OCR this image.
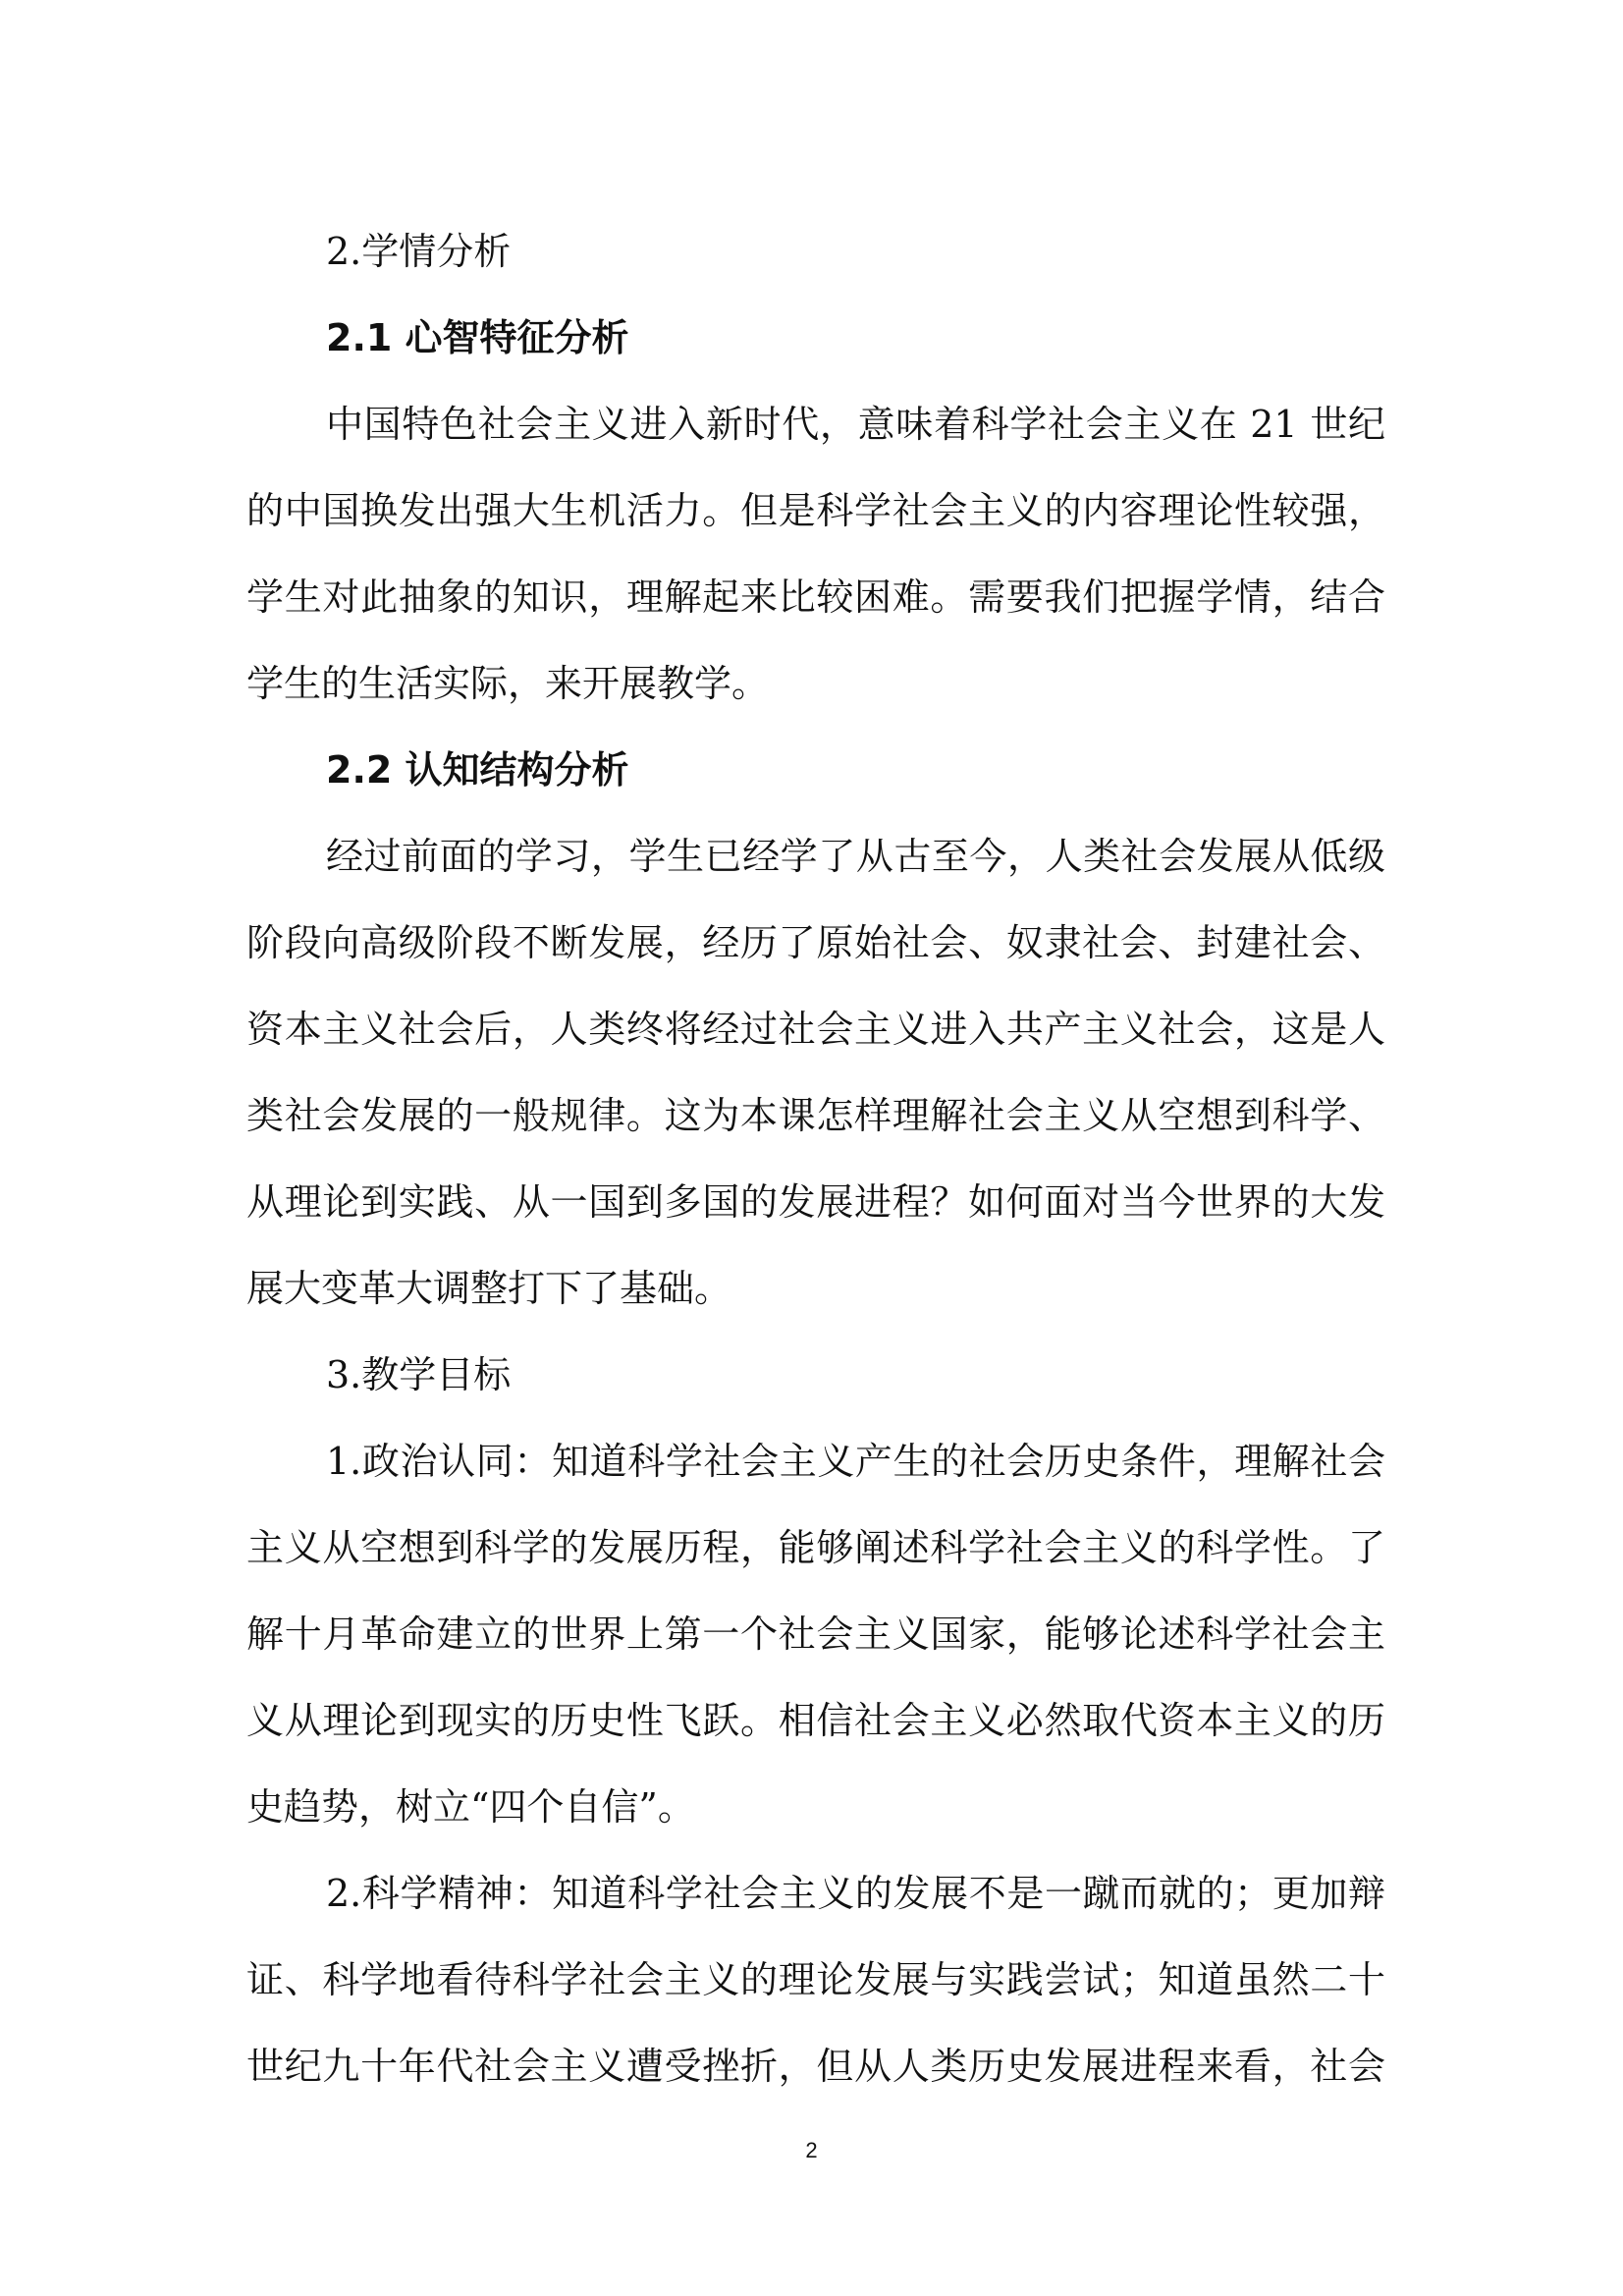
2.学情分析
2.1 心智特征分析
中国特色社会主义进入新时代，意味着科学社会主义在 21 世纪
的中国换发出强大生机活力。但是科学社会主义的内容理论性较强，
学生对此抽象的知识，理解起来比较困难。需要我们把握学情，结合
学生的生活实际，来开展教学。
2.2 认知结构分析
经过前面的学习，学生已经学了从古至今，人类社会发展从低级
阶段向高级阶段不断发展，经历了原始社会、奴隶社会、封建社会、
资本主义社会后，人类终将经过社会主义进入共产主义社会，这是人
类社会发展的一般规律。这为本课怎样理解社会主义从空想到科学、
从理论到实践、从一国到多国的发展进程？如何面对当今世界的大发
展大变革大调整打下了基础。
3.教学目标
1.政治认同：知道科学社会主义产生的社会历史条件，理解社会
主义从空想到科学的发展历程，能够阐述科学社会主义的科学性。了
解十月革命建立的世界上第一个社会主义国家，能够论述科学社会主
义从理论到现实的历史性飞跃。相信社会主义必然取代资本主义的历
史趋势，树立“四个自信”。
2.科学精神：知道科学社会主义的发展不是一蹴而就的；更加辩
证、科学地看待科学社会主义的理论发展与实践尝试；知道虽然二十
世纪九十年代社会主义遭受挫折，但从人类历史发展进程来看，社会
2
